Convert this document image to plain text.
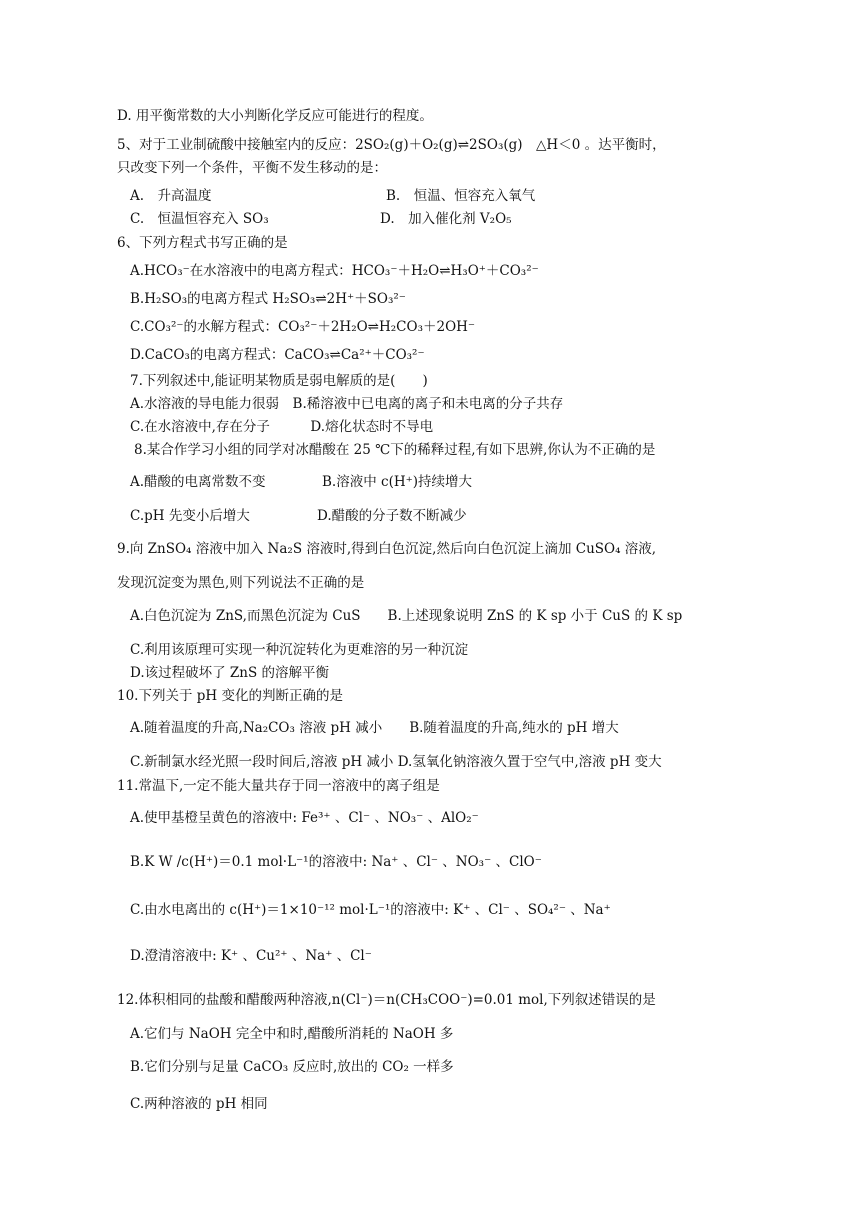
D. 用平衡常数的大小判断化学反应可能进行的程度。
5、对于工业制硫酸中接触室内的反应：2SO₂(g)＋O₂(g)⇌2SO₃(g)　△H＜0 。达平衡时，
只改变下列一个条件，平衡不发生移动的是：
A.　升高温度	B.　恒温、恒容充入氧气
C.　恒温恒容充入 SO₃	D.　加入催化剂 V₂O₅
6、下列方程式书写正确的是
A.HCO₃⁻在水溶液中的电离方程式：HCO₃⁻＋H₂O⇌H₃O⁺＋CO₃²⁻
B.H₂SO₃的电离方程式 H₂SO₃⇌2H⁺＋SO₃²⁻
C.CO₃²⁻的水解方程式：CO₃²⁻＋2H₂O⇌H₂CO₃＋2OH⁻
D.CaCO₃的电离方程式：CaCO₃⇌Ca²⁺＋CO₃²⁻
7.下列叙述中,能证明某物质是弱电解质的是(　　)
A.水溶液的导电能力很弱　B.稀溶液中已电离的离子和未电离的分子共存
C.在水溶液中,存在分子　　　D.熔化状态时不导电
8.某合作学习小组的同学对冰醋酸在 25 ℃下的稀释过程,有如下思辨,你认为不正确的是
A.醋酸的电离常数不变	B.溶液中 c(H⁺)持续增大
C.pH 先变小后增大	D.醋酸的分子数不断减少
9.向 ZnSO₄ 溶液中加入 Na₂S 溶液时,得到白色沉淀,然后向白色沉淀上滴加 CuSO₄ 溶液,
发现沉淀变为黑色,则下列说法不正确的是
A.白色沉淀为 ZnS,而黑色沉淀为 CuS　　B.上述现象说明 ZnS 的 K sp 小于 CuS 的 K sp
C.利用该原理可实现一种沉淀转化为更难溶的另一种沉淀
D.该过程破坏了 ZnS 的溶解平衡
10.下列关于 pH 变化的判断正确的是
A.随着温度的升高,Na₂CO₃ 溶液 pH 减小　　B.随着温度的升高,纯水的 pH 增大
C.新制氯水经光照一段时间后,溶液 pH 减小 D.氢氧化钠溶液久置于空气中,溶液 pH 变大
11.常温下,一定不能大量共存于同一溶液中的离子组是
A.使甲基橙呈黄色的溶液中: Fe³⁺ 、Cl⁻ 、NO₃⁻ 、AlO₂⁻
B.K W /c(H⁺)＝0.1 mol·L⁻¹的溶液中: Na⁺ 、Cl⁻ 、NO₃⁻ 、ClO⁻
C.由水电离出的 c(H⁺)＝1×10⁻¹² mol·L⁻¹的溶液中: K⁺ 、Cl⁻ 、SO₄²⁻ 、Na⁺
D.澄清溶液中: K⁺ 、Cu²⁺ 、Na⁺ 、Cl⁻
12.体积相同的盐酸和醋酸两种溶液,n(Cl⁻)＝n(CH₃COO⁻)=0.01 mol,下列叙述错误的是
A.它们与 NaOH 完全中和时,醋酸所消耗的 NaOH 多
B.它们分别与足量 CaCO₃ 反应时,放出的 CO₂ 一样多
C.两种溶液的 pH 相同
